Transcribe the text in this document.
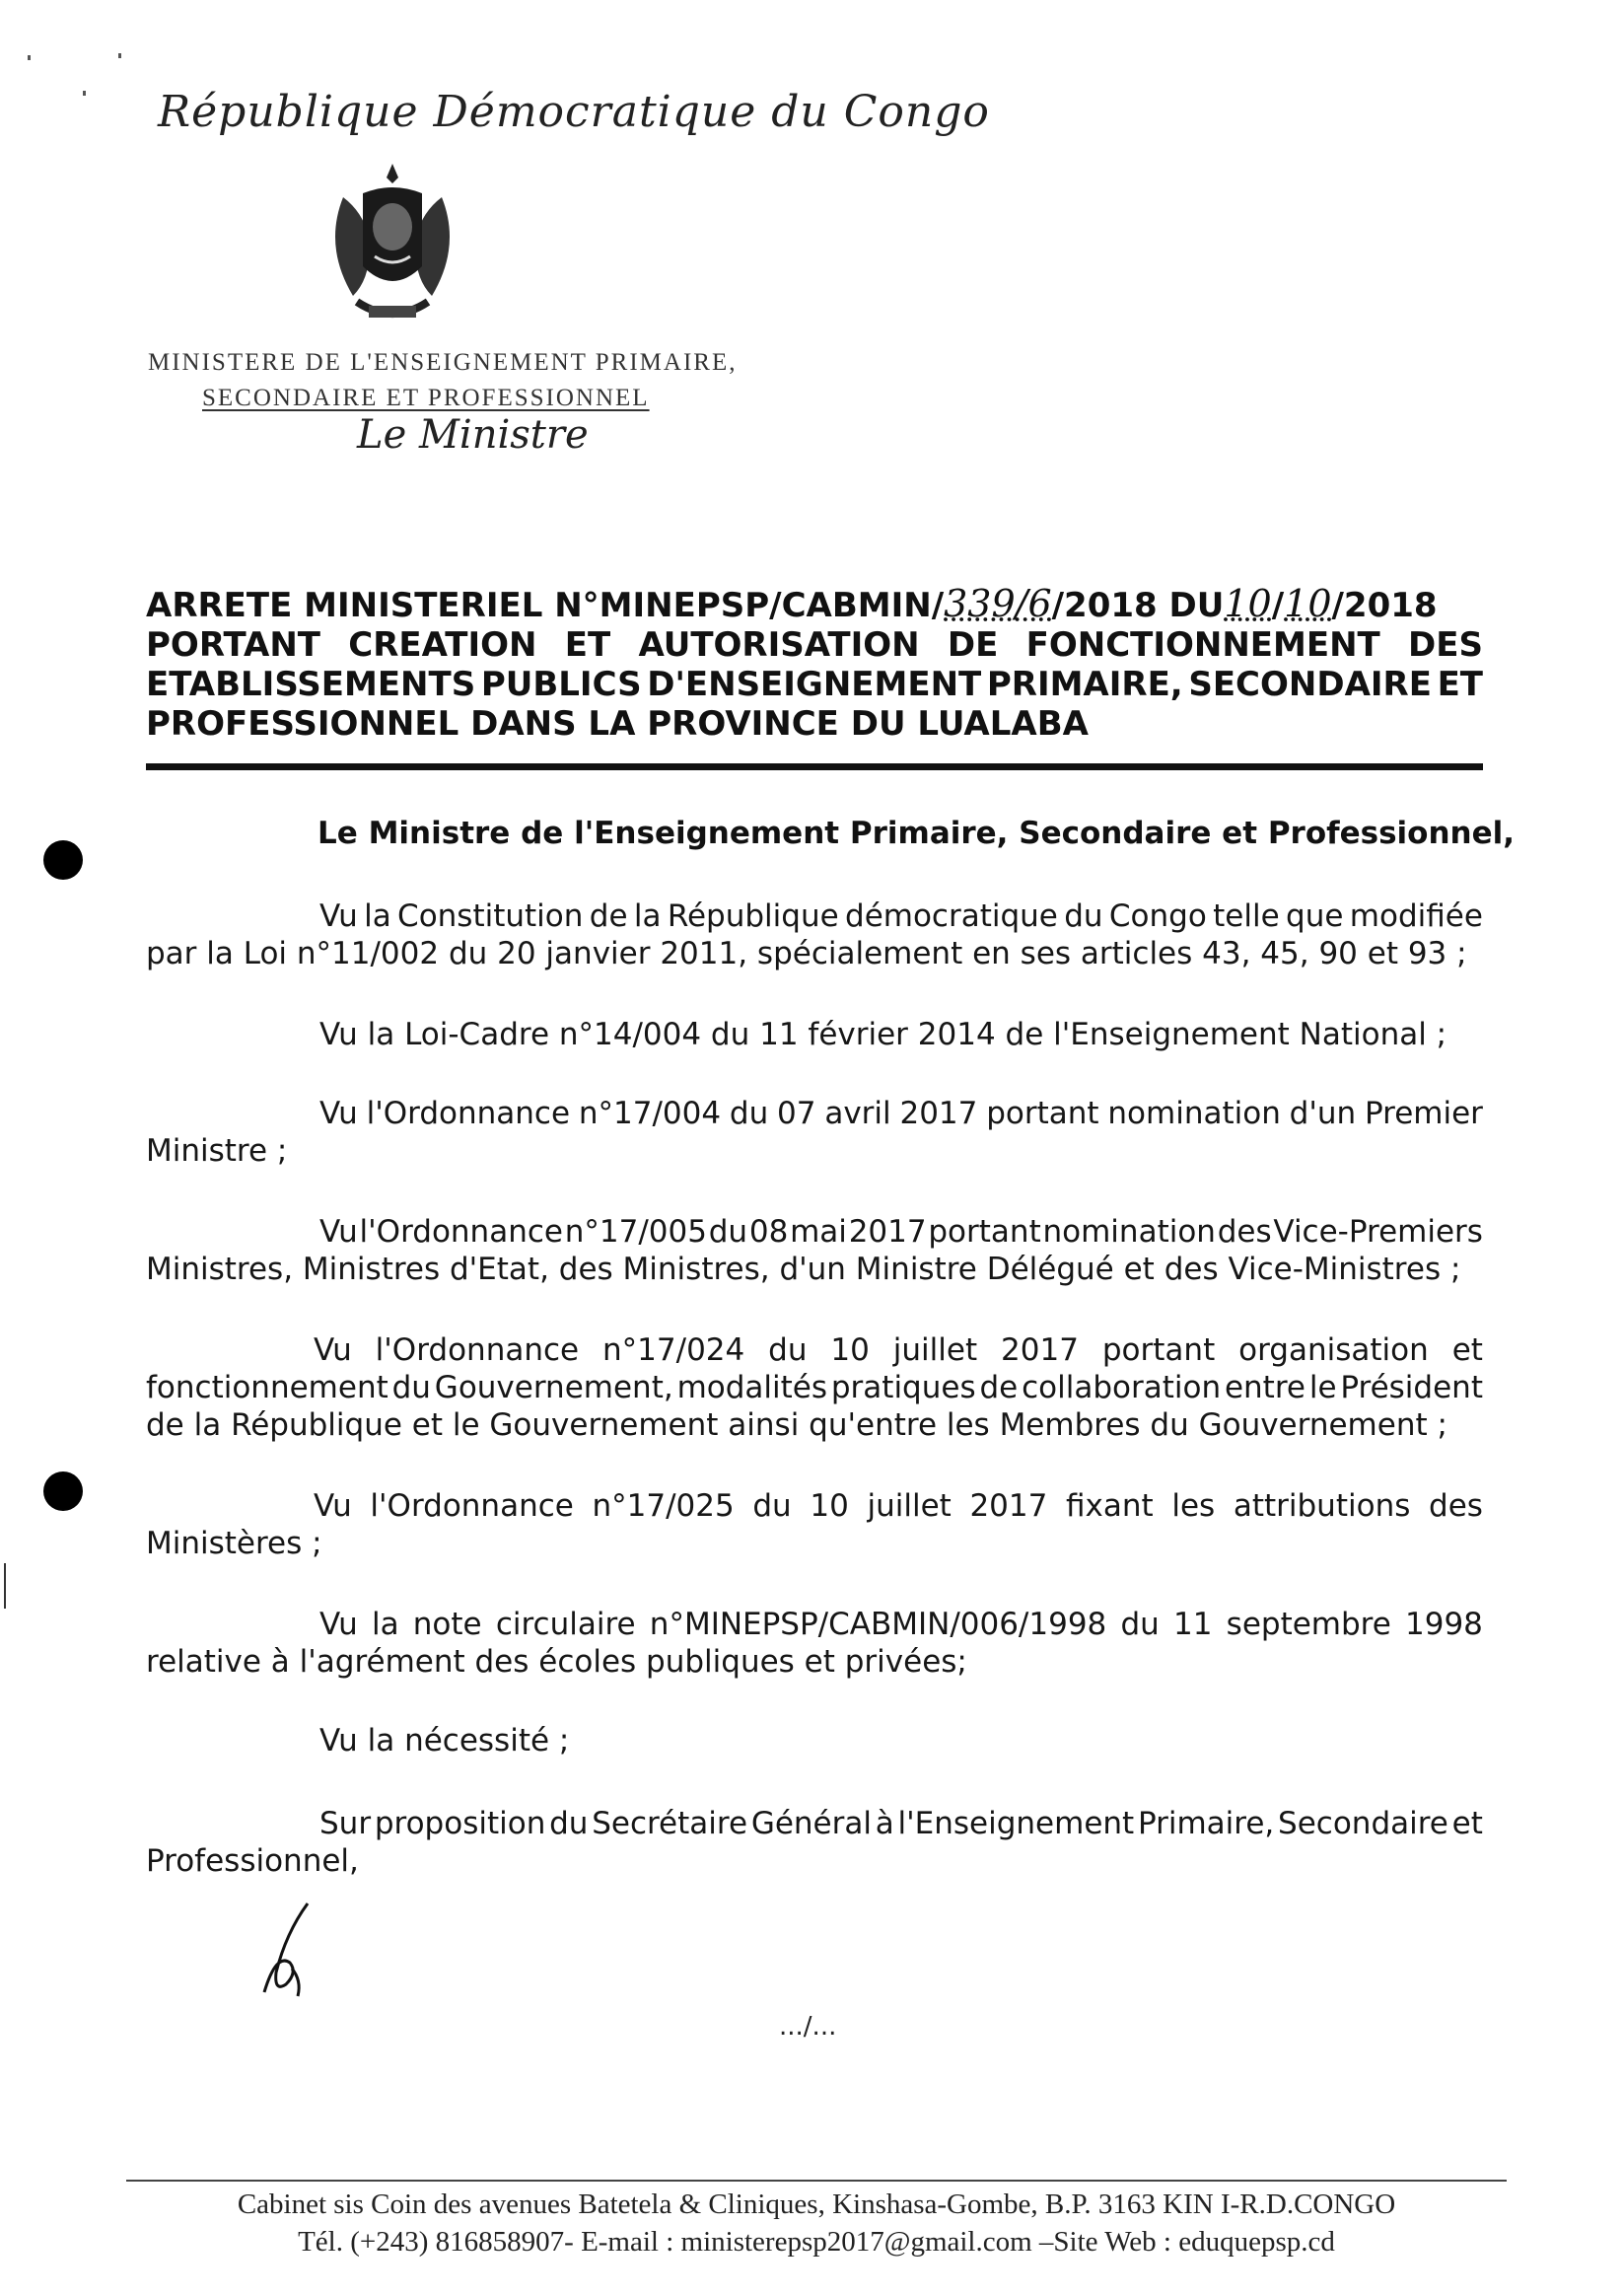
République Démocratique du Congo
MINISTERE DE L'ENSEIGNEMENT PRIMAIRE,
SECONDAIRE ET PROFESSIONNEL
Le Ministre
ARRETE MINISTERIEL N°MINEPSP/CABMIN/339/6/2018 DU10/10/2018
PORTANT CREATION ET AUTORISATION DE FONCTIONNEMENT DES
ETABLISSEMENTS PUBLICS D'ENSEIGNEMENT PRIMAIRE, SECONDAIRE ET
PROFESSIONNEL DANS LA PROVINCE DU LUALABA
Le Ministre de l'Enseignement Primaire, Secondaire et Professionnel,
Vu la Constitution de la République démocratique du Congo telle que modifiée
par la Loi n°11/002 du 20 janvier 2011, spécialement en ses articles 43, 45, 90 et 93 ;
Vu la Loi-Cadre n°14/004 du 11 février 2014 de l'Enseignement National ;
Vu l'Ordonnance n°17/004 du 07 avril 2017 portant nomination d'un Premier
Ministre ;
Vu l'Ordonnance n°17/005 du 08 mai 2017 portant nomination des Vice-Premiers
Ministres, Ministres d'Etat, des Ministres, d'un Ministre Délégué et des Vice-Ministres ;
Vu l'Ordonnance n°17/024 du 10 juillet 2017 portant organisation et
fonctionnement du Gouvernement, modalités pratiques de collaboration entre le Président
de la République et le Gouvernement ainsi qu'entre les Membres du Gouvernement ;
Vu l'Ordonnance n°17/025 du 10 juillet 2017 fixant les attributions des
Ministères ;
Vu la note circulaire n°MINEPSP/CABMIN/006/1998 du 11 septembre 1998
relative à l'agrément des écoles publiques et privées;
Vu la nécessité ;
Sur proposition du Secrétaire Général à l'Enseignement Primaire, Secondaire et
Professionnel,
.../...
Cabinet sis Coin des avenues Batetela & Cliniques, Kinshasa-Gombe, B.P. 3163 KIN I-R.D.CONGO
Tél. (+243) 816858907- E-mail : ministerepsp2017@gmail.com –Site Web : eduquepsp.cd
